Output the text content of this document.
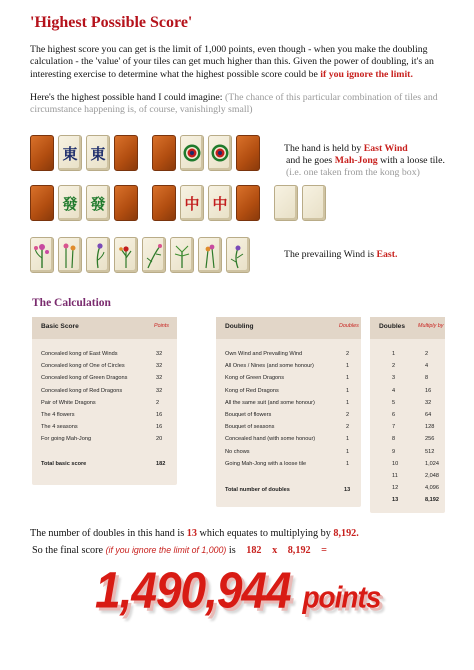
'Highest Possible Score'
The highest score you can get is the limit of 1,000 points, even though - when you make the doubling calculation - the 'value' of your tiles can get much higher than this. Given the power of doubling, it's an interesting exercise to determine what the highest possible score could be if you ignore the limit.
Here's the highest possible hand I could imagine: (The chance of this particular combination of tiles and circumstance happening is, of course, vanishingly small)
東 東	The hand is held by East Wind
and he goes Mah-Jong with a loose tile.
(i.e. one taken from the kong box)
發 發	中 中
The prevailing Wind is East.
The Calculation
Basic Score	Points
Concealed kong of East Winds	32
Concealed kong of One of Circles	32
Concealed kong of Green Dragons	32
Concealed kong of Red Dragons	32
Pair of White Dragons	2
The 4 flowers	16
The 4 seasons	16
For going Mah-Jong	20
Total basic score	182
Doubling	Doubles
Own Wind and Prevailing Wind	2
All Ones / Nines (and some honour)	1
Kong of Green Dragons	1
Kong of Red Dragons	1
All the same suit (and some honour)	1
Bouquet of flowers	2
Bouquet of seasons	2
Concealed hand (with some honour)	1
No chows	1
Going Mah-Jong with a loose tile	1
Total number of doubles	13
Doubles Multiply by
1	2
2	4
3	8
4	16
5	32
6	64
7	128
8	256
9	512
10	1,024
11	2,048
12	4,096
13	8,192
The number of doubles in this hand is 13 which equates to multiplying by 8,192.
So the final score (if you ignore the limit of 1,000) is 182 x 8,192 =
1,490,944 points
